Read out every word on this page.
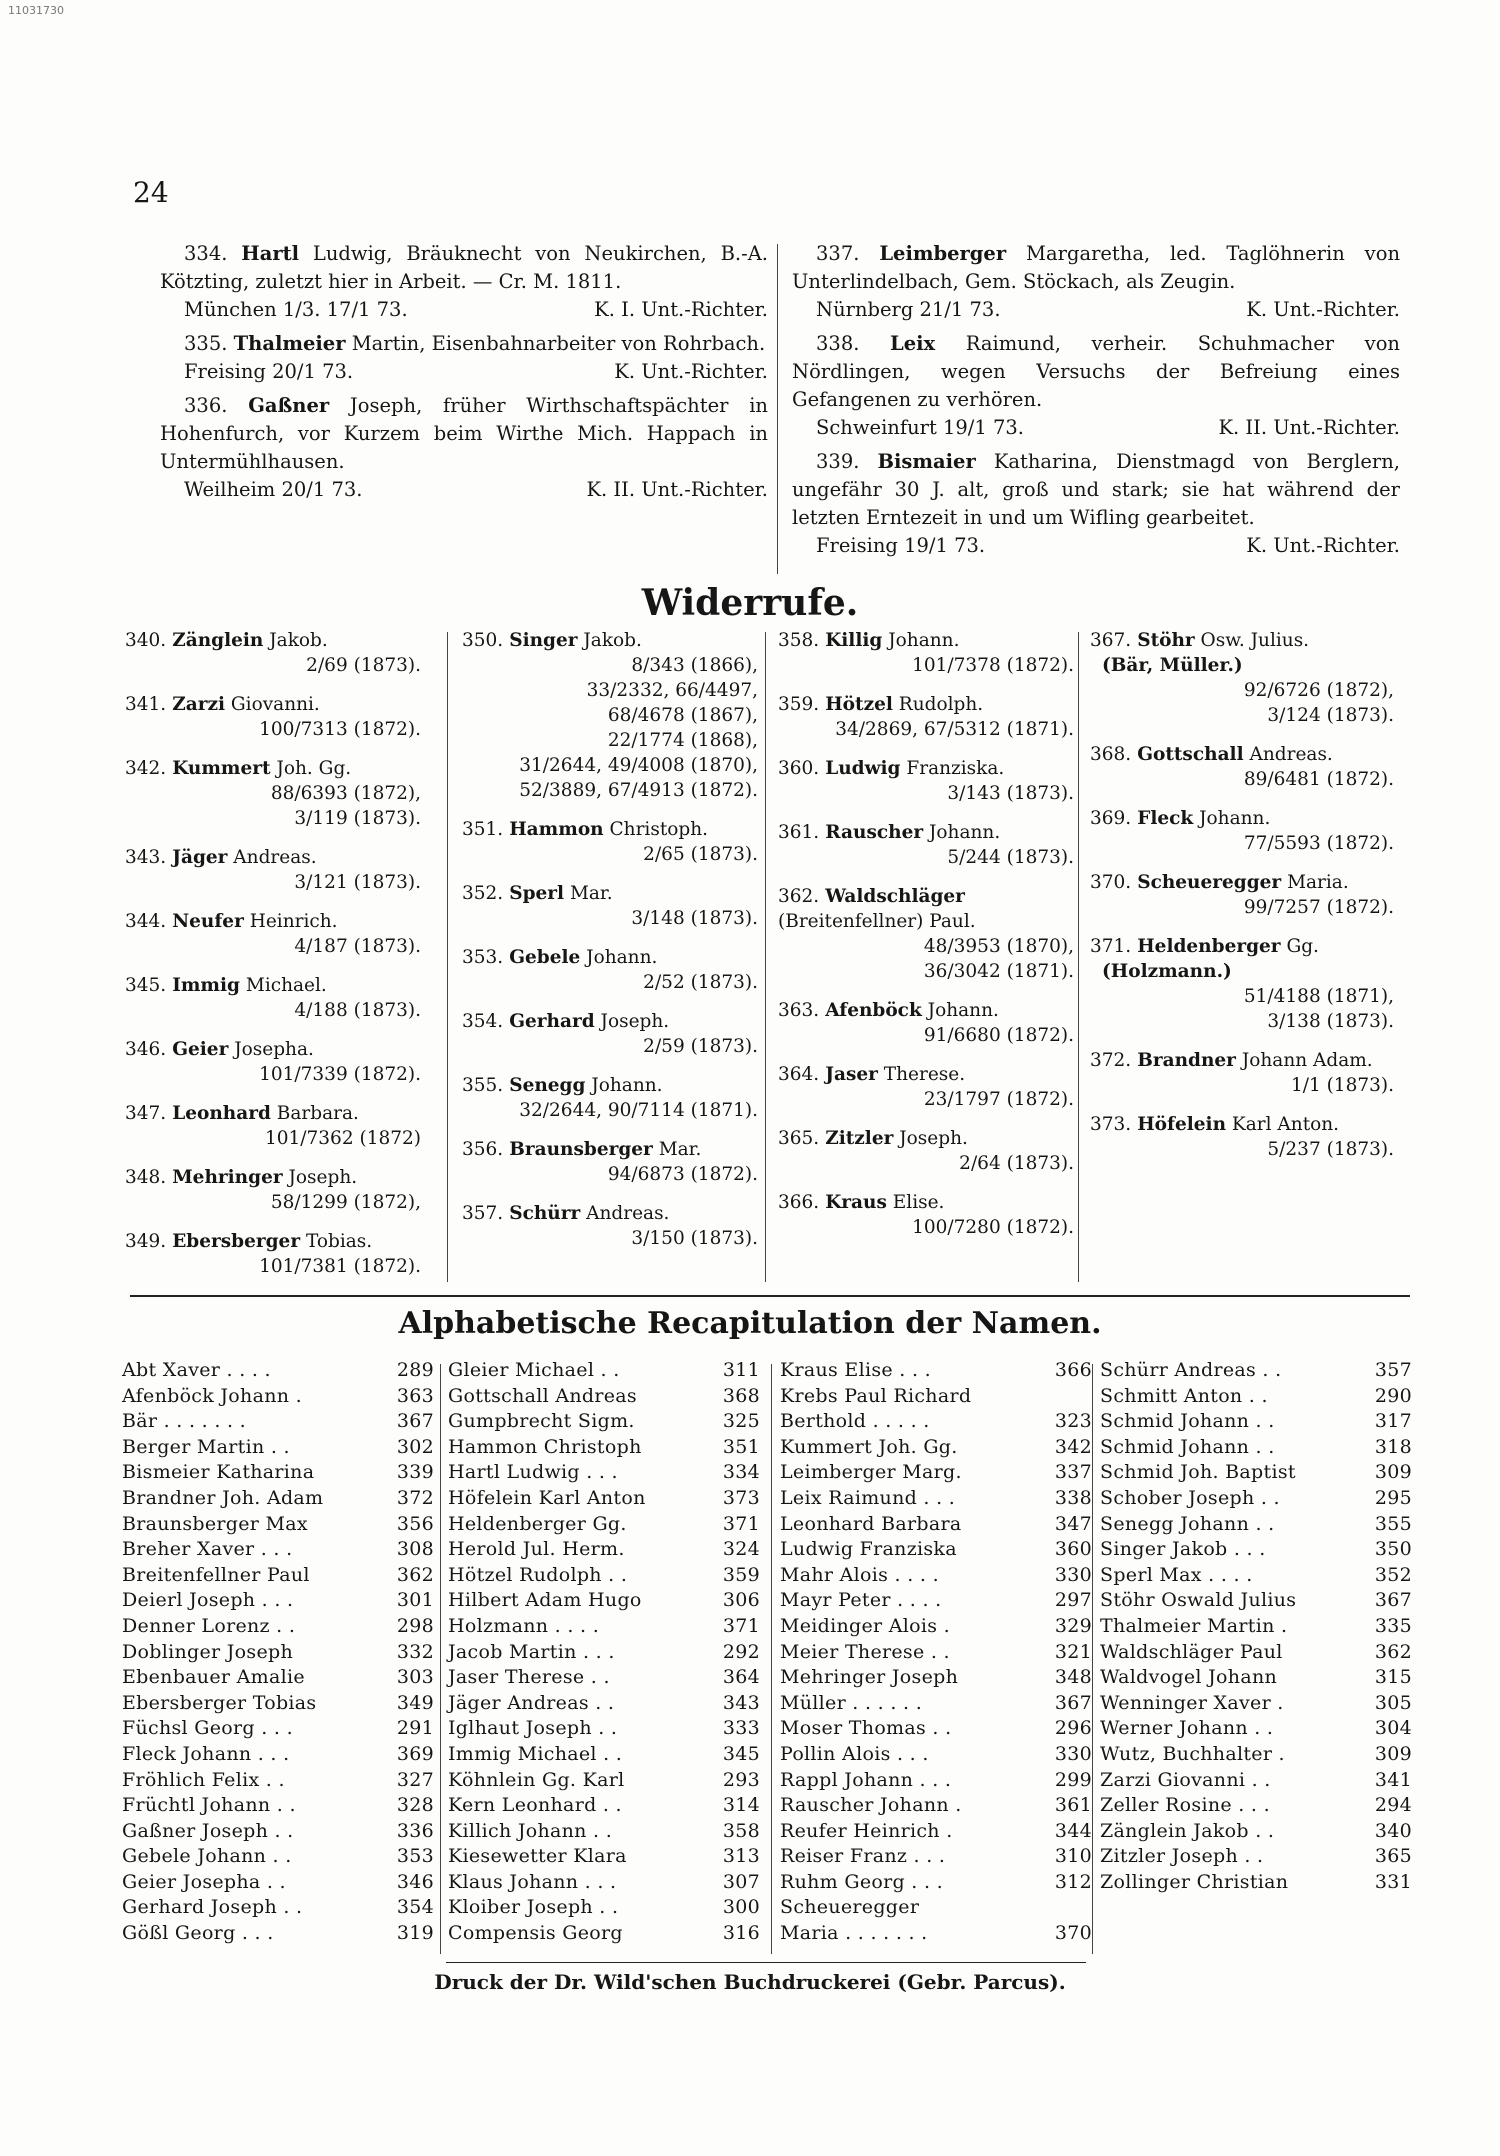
11031730
24

334. Hartl Ludwig, Bräuknecht von Neukirchen, B.-A. Kötzting, zuletzt hier in Arbeit. — Cr. M. 1811.

München 1/3. 17/1 73.	K. I. Unt.-Richter.

335. Thalmeier Martin, Eisenbahnarbeiter von Rohrbach.

Freising 20/1 73.	K. Unt.-Richter.

336. Gaßner Joseph, früher Wirthschaftspächter in Hohenfurch, vor Kurzem beim Wirthe Mich. Happach in Untermühlhausen.

Weilheim 20/1 73.	K. II. Unt.-Richter.

337. Leimberger Margaretha, led. Taglöhnerin von Unterlindelbach, Gem. Stöckach, als Zeugin.

Nürnberg 21/1 73.	K. Unt.-Richter.

338. Leix Raimund, verheir. Schuhmacher von Nördlingen, wegen Versuchs der Befreiung eines Gefangenen zu verhören.

Schweinfurt 19/1 73.	K. II. Unt.-Richter.

339. Bismaier Katharina, Dienstmagd von Berglern, ungefähr 30 J. alt, groß und stark; sie hat während der letzten Erntezeit in und um Wifling gearbeitet.

Freising 19/1 73.	K. Unt.-Richter.
Widerrufe.
340. Zänglein Jakob.
2/69 (1873).
341. Zarzi Giovanni.
100/7313 (1872).
342. Kummert Joh. Gg.
88/6393 (1872),
3/119 (1873).
343. Jäger Andreas.
3/121 (1873).
344. Neufer Heinrich.
4/187 (1873).
345. Immig Michael.
4/188 (1873).
346. Geier Josepha.
101/7339 (1872).
347. Leonhard Barbara.
101/7362 (1872)
348. Mehringer Joseph.
58/1299 (1872),
349. Ebersberger Tobias.
101/7381 (1872).
350. Singer Jakob.
8/343 (1866),
33/2332, 66/4497,
68/4678 (1867),
22/1774 (1868),
31/2644, 49/4008 (1870),
52/3889, 67/4913 (1872).
351. Hammon Christoph.
2/65 (1873).
352. Sperl Mar.
3/148 (1873).
353. Gebele Johann.
2/52 (1873).
354. Gerhard Joseph.
2/59 (1873).
355. Senegg Johann.
32/2644, 90/7114 (1871).
356. Braunsberger Mar.
94/6873 (1872).
357. Schürr Andreas.
3/150 (1873).
358. Killig Johann.
101/7378 (1872).
359. Hötzel Rudolph.
34/2869, 67/5312 (1871).
360. Ludwig Franziska.
3/143 (1873).
361. Rauscher Johann.
5/244 (1873).
362. Waldschläger (Breitenfellner) Paul.
48/3953 (1870),
36/3042 (1871).
363. Afenböck Johann.
91/6680 (1872).
364. Jaser Therese.
23/1797 (1872).
365. Zitzler Joseph.
2/64 (1873).
366. Kraus Elise.
100/7280 (1872).
367. Stöhr Osw. Julius.
(Bär, Müller.)
92/6726 (1872),
3/124 (1873).
368. Gottschall Andreas.
89/6481 (1872).
369. Fleck Johann.
77/5593 (1872).
370. Scheueregger Maria.
99/7257 (1872).
371. Heldenberger Gg.
(Holzmann.)
51/4188 (1871),
3/138 (1873).
372. Brandner Johann Adam.
1/1 (1873).
373. Höfelein Karl Anton.
5/237 (1873).
Alphabetische Recapitulation der Namen.
Abt Xaver . . . .	289
Afenböck Johann .	363
Bär . . . . . . .	367
Berger Martin . .	302
Bismeier Katharina	339
Brandner Joh. Adam	372
Braunsberger Max	356
Breher Xaver . . .	308
Breitenfellner Paul	362
Deierl Joseph . . .	301
Denner Lorenz . .	298
Doblinger Joseph	332
Ebenbauer Amalie	303
Ebersberger Tobias	349
Füchsl Georg . . .	291
Fleck Johann . . .	369
Fröhlich Felix . .	327
Früchtl Johann . .	328
Gaßner Joseph . .	336
Gebele Johann . .	353
Geier Josepha . .	346
Gerhard Joseph . .	354
Gößl Georg . . .	319
Gleier Michael . .	311
Gottschall Andreas	368
Gumpbrecht Sigm.	325
Hammon Christoph	351
Hartl Ludwig . . .	334
Höfelein Karl Anton	373
Heldenberger Gg.	371
Herold Jul. Herm.	324
Hötzel Rudolph . .	359
Hilbert Adam Hugo	306
Holzmann . . . .	371
Jacob Martin . . .	292
Jaser Therese . .	364
Jäger Andreas . .	343
Iglhaut Joseph . .	333
Immig Michael . .	345
Köhnlein Gg. Karl	293
Kern Leonhard . .	314
Killich Johann . .	358
Kiesewetter Klara	313
Klaus Johann . . .	307
Kloiber Joseph . .	300
Compensis Georg	316
Kraus Elise . . .	366
Krebs Paul Richard
Berthold . . . . .	323
Kummert Joh. Gg.	342
Leimberger Marg.	337
Leix Raimund . . .	338
Leonhard Barbara	347
Ludwig Franziska	360
Mahr Alois . . . .	330
Mayr Peter . . . .	297
Meidinger Alois .	329
Meier Therese . .	321
Mehringer Joseph	348
Müller . . . . . .	367
Moser Thomas . .	296
Pollin Alois . . .	330
Rappl Johann . . .	299
Rauscher Johann .	361
Reufer Heinrich .	344
Reiser Franz . . .	310
Ruhm Georg . . .	312
Scheueregger
Maria . . . . . . .	370
Schürr Andreas . .	357
Schmitt Anton . .	290
Schmid Johann . .	317
Schmid Johann . .	318
Schmid Joh. Baptist	309
Schober Joseph . .	295
Senegg Johann . .	355
Singer Jakob . . .	350
Sperl Max . . . .	352
Stöhr Oswald Julius	367
Thalmeier Martin .	335
Waldschläger Paul	362
Waldvogel Johann	315
Wenninger Xaver .	305
Werner Johann . .	304
Wutz, Buchhalter .	309
Zarzi Giovanni . .	341
Zeller Rosine . . .	294
Zänglein Jakob . .	340
Zitzler Joseph . .	365
Zollinger Christian	331
Druck der Dr. Wild'schen Buchdruckerei (Gebr. Parcus).
